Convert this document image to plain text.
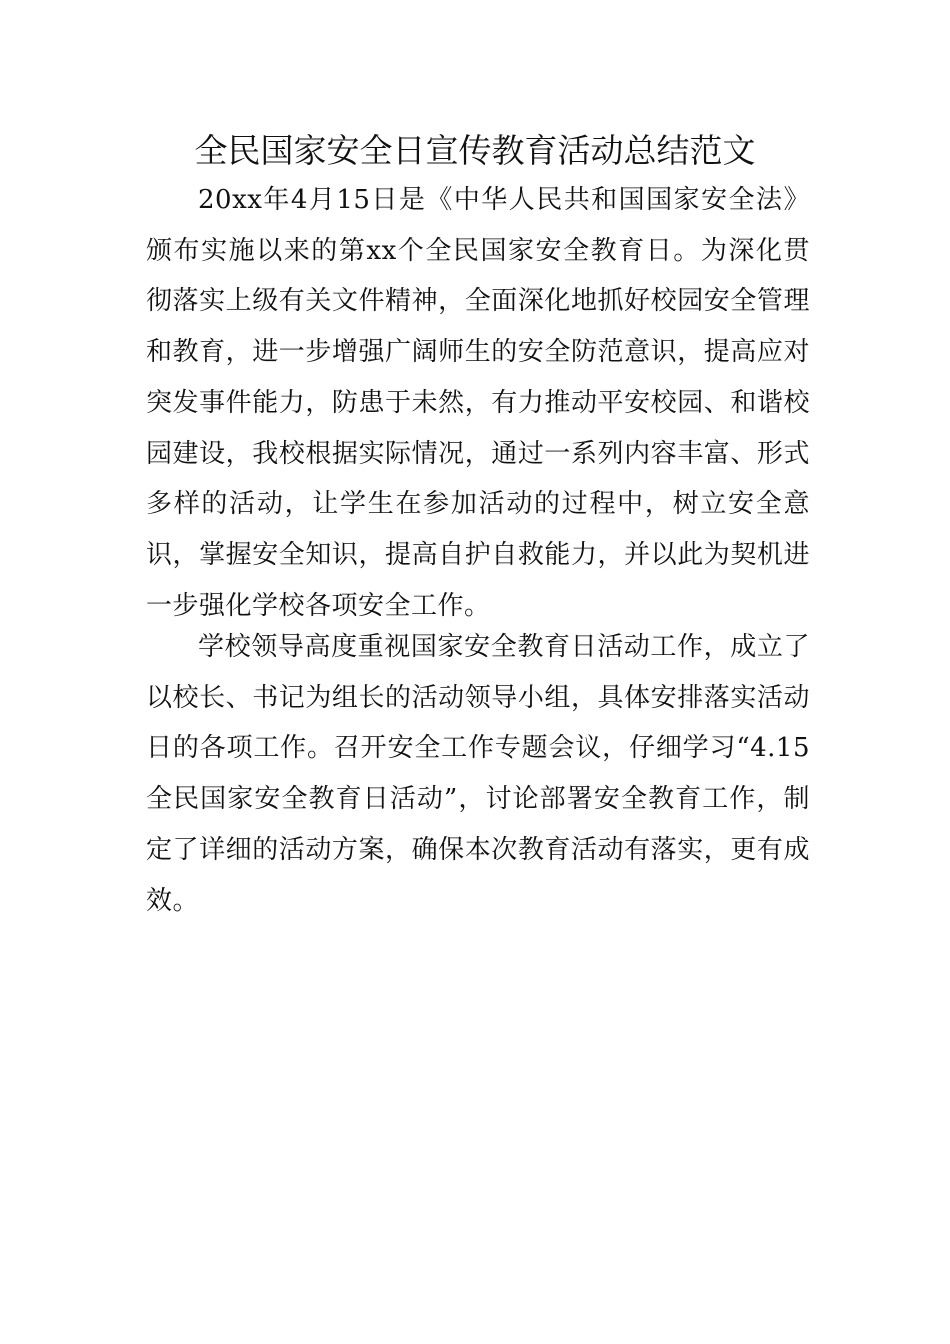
全民国家安全日宣传教育活动总结范文

20xx年4月15日是《中华人民共和国国家安全法》颁布实施以来的第xx个全民国家安全教育日。为深化贯彻落实上级有关文件精神，全面深化地抓好校园安全管理和教育，进一步增强广阔师生的安全防范意识，提高应对突发事件能力，防患于未然，有力推动平安校园、和谐校园建设，我校根据实际情况，通过一系列内容丰富、形式多样的活动，让学生在参加活动的过程中，树立安全意识，掌握安全知识，提高自护自救能力，并以此为契机进一步强化学校各项安全工作。

学校领导高度重视国家安全教育日活动工作，成立了以校长、书记为组长的活动领导小组，具体安排落实活动日的各项工作。召开安全工作专题会议，仔细学习“4.15全民国家安全教育日活动”，讨论部署安全教育工作，制定了详细的活动方案，确保本次教育活动有落实，更有成效。
